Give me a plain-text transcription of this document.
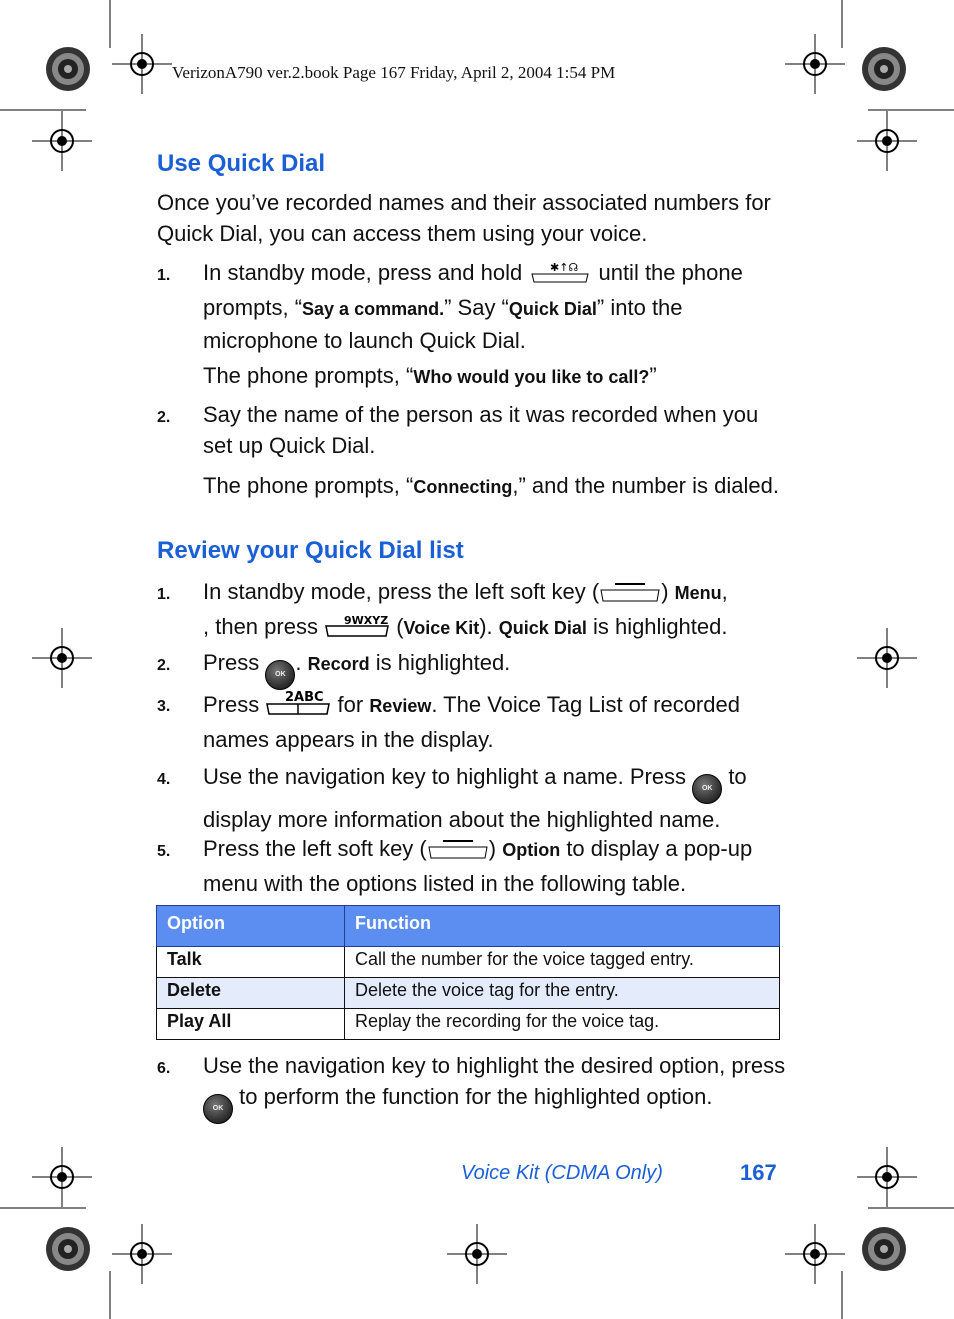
VerizonA790 ver.2.book Page 167 Friday, April 2, 2004 1:54 PM
Use Quick Dial
Once you’ve recorded names and their associated numbers for Quick Dial, you can access them using your voice.
1. In standby mode, press and hold	✱↑☊ until the phone prompts, “Say a command.” Say “Quick Dial” into the microphone to launch Quick Dial.
The phone prompts, “Who would you like to call?”
2. Say the name of the person as it was recorded when you set up Quick Dial.
The phone prompts, “Connecting,” and the number is dialed.
Review your Quick Dial list
1. In standby mode, press the left soft key (	) Menu,
, then press 9WXYZ (Voice Kit). Quick Dial is highlighted.
2. Press OK . Record is highlighted.
3. Press 2ABC for Review. The Voice Tag List of recorded names appears in the display.
4. Use the navigation key to highlight a name. Press OK to display more information about the highlighted name.
5. Press the left soft key (	) Option to display a pop-up menu with the options listed in the following table.
Option	Function
Talk	Call the number for the voice tagged entry.
Delete	Delete the voice tag for the entry.
Play All	Replay the recording for the voice tag.
6. Use the navigation key to highlight the desired option, press OK to perform the function for the highlighted option.
Voice Kit (CDMA Only)	167
